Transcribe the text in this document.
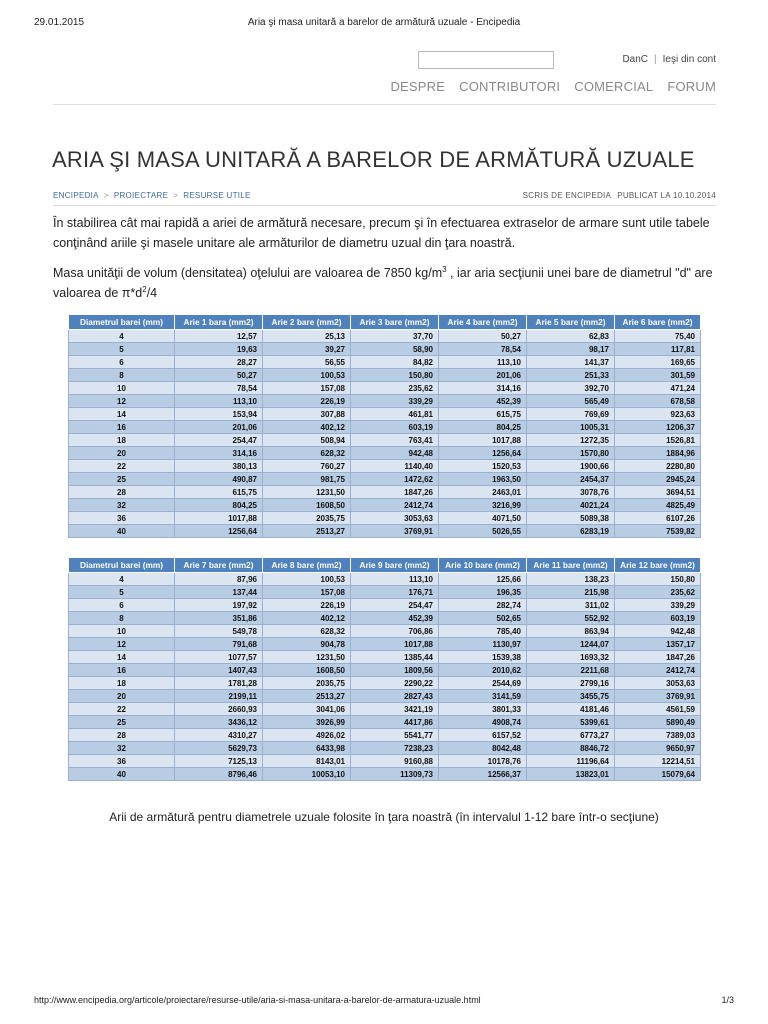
29.01.2015	Aria şi masa unitară a barelor de armătură uzuale - Encipedia
DanC | Ieşi din cont
DESPRE CONTRIBUTORI COMERCIAL FORUM
ARIA ŞI MASA UNITARĂ A BARELOR DE ARMĂTURĂ UZUALE
ENCIPEDIA > PROIECTARE > RESURSE UTILE	SCRIS DE ENCIPEDIA PUBLICAT LA 10.10.2014
În stabilirea cât mai rapidă a ariei de armătură necesare, precum şi în efectuarea extraselor de armare sunt utile tabele conţinând ariile şi masele unitare ale armăturilor de diametru uzual din ţara noastră.
Masa unităţii de volum (densitatea) oţelului are valoarea de 7850 $kg/m^3$ , iar aria secţiunii unei bare de diametrul "d" are valoarea de $\pi*d^2/4$
Diametrul barei (mm)	Arie 1 bara (mm2)	Arie 2 bare (mm2)	Arie 3 bare (mm2)	Arie 4 bare (mm2)	Arie 5 bare (mm2)	Arie 6 bare (mm2)
4	12,57	25,13	37,70	50,27	62,83	75,40
5	19,63	39,27	58,90	78,54	98,17	117,81
6	28,27	56,55	84,82	113,10	141,37	169,65
8	50,27	100,53	150,80	201,06	251,33	301,59
10	78,54	157,08	235,62	314,16	392,70	471,24
12	113,10	226,19	339,29	452,39	565,49	678,58
14	153,94	307,88	461,81	615,75	769,69	923,63
16	201,06	402,12	603,19	804,25	1005,31	1206,37
18	254,47	508,94	763,41	1017,88	1272,35	1526,81
20	314,16	628,32	942,48	1256,64	1570,80	1884,96
22	380,13	760,27	1140,40	1520,53	1900,66	2280,80
25	490,87	981,75	1472,62	1963,50	2454,37	2945,24
28	615,75	1231,50	1847,26	2463,01	3078,76	3694,51
32	804,25	1608,50	2412,74	3216,99	4021,24	4825,49
36	1017,88	2035,75	3053,63	4071,50	5089,38	6107,26
40	1256,64	2513,27	3769,91	5026,55	6283,19	7539,82
Diametrul barei (mm)	Arie 7 bare (mm2)	Arie 8 bare (mm2)	Arie 9 bare (mm2)	Arie 10 bare (mm2)	Arie 11 bare (mm2)	Arie 12 bare (mm2)
4	87,96	100,53	113,10	125,66	138,23	150,80
5	137,44	157,08	176,71	196,35	215,98	235,62
6	197,92	226,19	254,47	282,74	311,02	339,29
8	351,86	402,12	452,39	502,65	552,92	603,19
10	549,78	628,32	706,86	785,40	863,94	942,48
12	791,68	904,78	1017,88	1130,97	1244,07	1357,17
14	1077,57	1231,50	1385,44	1539,38	1693,32	1847,26
16	1407,43	1608,50	1809,56	2010,62	2211,68	2412,74
18	1781,28	2035,75	2290,22	2544,69	2799,16	3053,63
20	2199,11	2513,27	2827,43	3141,59	3455,75	3769,91
22	2660,93	3041,06	3421,19	3801,33	4181,46	4561,59
25	3436,12	3926,99	4417,86	4908,74	5399,61	5890,49
28	4310,27	4926,02	5541,77	6157,52	6773,27	7389,03
32	5629,73	6433,98	7238,23	8042,48	8846,72	9650,97
36	7125,13	8143,01	9160,88	10178,76	11196,64	12214,51
40	8796,46	10053,10	11309,73	12566,37	13823,01	15079,64
Arii de armătură pentru diametrele uzuale folosite în ţara noastră (în intervalul 1-12 bare într-o secţiune)
http://www.encipedia.org/articole/proiectare/resurse-utile/aria-si-masa-unitara-a-barelor-de-armatura-uzuale.html	1/3
